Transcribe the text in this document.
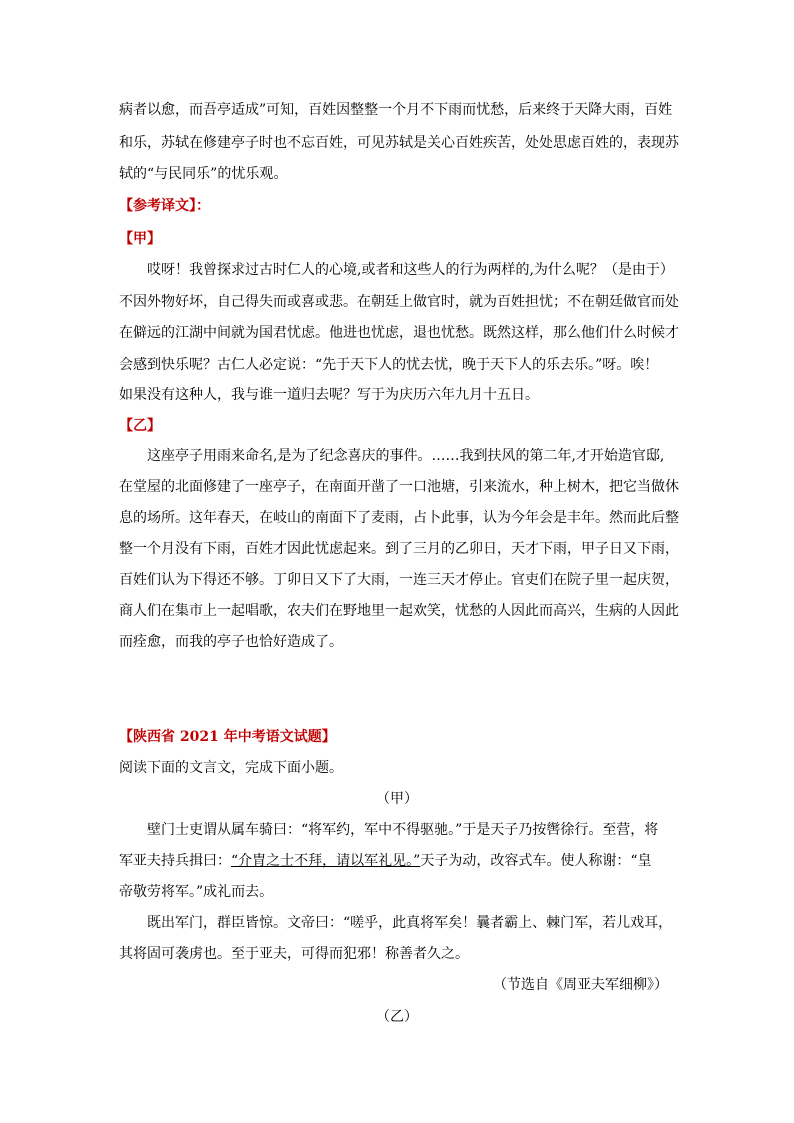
病者以愈，而吾亭适成”可知，百姓因整整一个月不下雨而忧愁，后来终于天降大雨，百姓
和乐，苏轼在修建亭子时也不忘百姓，可见苏轼是关心百姓疾苦，处处思虑百姓的，表现苏
轼的“与民同乐”的忧乐观。
【参考译文】：
【甲】
哎呀！我曾探求过古时仁人的心境,或者和这些人的行为两样的,为什么呢？（是由于）
不因外物好坏，自己得失而或喜或悲。在朝廷上做官时，就为百姓担忧；不在朝廷做官而处
在僻远的江湖中间就为国君忧虑。他进也忧虑，退也忧愁。既然这样，那么他们什么时候才
会感到快乐呢？古仁人必定说：“先于天下人的忧去忧，晚于天下人的乐去乐。”呀。唉！
如果没有这种人，我与谁一道归去呢？写于为庆历六年九月十五日。
【乙】
这座亭子用雨来命名,是为了纪念喜庆的事件。……我到扶风的第二年,才开始造官邸,
在堂屋的北面修建了一座亭子，在南面开凿了一口池塘，引来流水，种上树木，把它当做休
息的场所。这年春天，在岐山的南面下了麦雨，占卜此事，认为今年会是丰年。然而此后整
整一个月没有下雨，百姓才因此忧虑起来。到了三月的乙卯日，天才下雨，甲子日又下雨，
百姓们认为下得还不够。丁卯日又下了大雨，一连三天才停止。官吏们在院子里一起庆贺，
商人们在集市上一起唱歌，农夫们在野地里一起欢笑，忧愁的人因此而高兴，生病的人因此
而痊愈，而我的亭子也恰好造成了。
【陕西省 2021 年中考语文试题】
阅读下面的文言文，完成下面小题。
（甲）
壁门士吏谓从属车骑曰：“将军约，军中不得驱驰。”于是天子乃按辔徐行。至营，将
军亚夫持兵揖曰：“介胄之士不拜，请以军礼见。”天子为动，改容式车。使人称谢：“皇
帝敬劳将军。”成礼而去。
既出军门，群臣皆惊。文帝曰：“嗟乎，此真将军矣！曩者霸上、棘门军，若儿戏耳，
其将固可袭虏也。至于亚夫，可得而犯邪！称善者久之。
（节选自《周亚夫军细柳》）
（乙）
